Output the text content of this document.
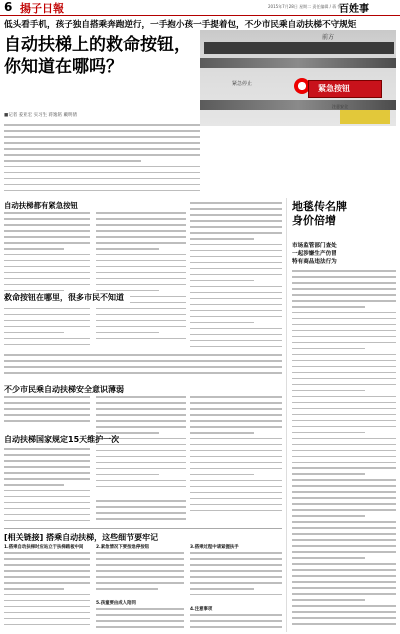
6 揚子日報	2015年7月28日 星期二 责任编辑 / 蒋 悦
百姓事
低头看手机，孩子独自搭乘奔跑逆行，一手抱小孩一手提着包，不少市民乘自动扶梯不守规矩
自动扶梯上的救命按钮，
你知道在哪吗？
前方
紧急停止	紧急按钮
注意安全
■记者 姜亚宏 实习生 蒋逸铭 戴明倩
自动扶梯都有紧急按钮
救命按钮在哪里，很多市民不知道
不少市民乘自动扶梯安全意识薄弱
自动扶梯国家规定15天维护一次
[相关链接] 搭乘自动扶梯，这些细节要牢记
1.搭乘自动扶梯时应站立于扶梯踏板中间	2.紧急情况下要按急停按钮
5.孩童要由成人陪同
3.搭乘过程中请紧握扶手
4.注意事项
地毯传名牌
身价倍增
市场监管部门查处
一起涉嫌生产仿冒
特有商品违法行为
